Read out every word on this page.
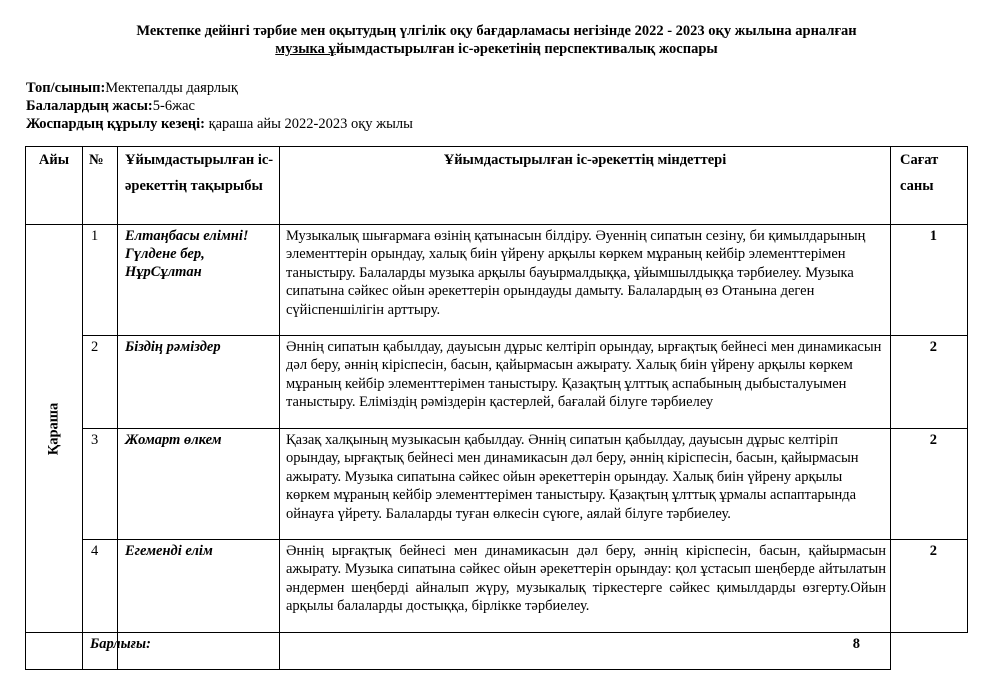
Мектепке дейінгі тәрбие мен оқытудың үлгілік оқу бағдарламасы негізінде 2022 - 2023 оқу жылына арналған
музыка ұйымдастырылған іс-әрекетінің перспективалық жоспары
Топ/сынып:Мектепалды даярлық
Балалардың жасы:5-6жас
Жоспардың құрылу кезеңі: қараша айы 2022-2023 оқу жылы
Айы	№	Ұйымдастырылған іс-әрекеттің тақырыбы	Ұйымдастырылған іс-әрекеттің міндеттері	Сағат саны

Қараша	1	Елтаңбасы елімні! Гүлдене бер, НұрСұлтан	Музыкалық шығармаға өзінің қатынасын білдіру. Әуеннің сипатын сезіну, би қимылдарының элементтерін орындау, халық биін үйрену арқылы көркем мұраның кейбір элементтерімен таныстыру. Балаларды музыка арқылы бауырмалдыққа, ұйымшылдыққа тәрбиелеу. Музыка сипатына сәйкес ойын әрекеттерін орындауды дамыту. Балалардың өз Отанына деген сүйіспеншілігін арттыру.	1
	2	Біздің рәміздер	Әннің сипатын қабылдау, дауысын дұрыс келтіріп орындау, ырғақтық бейнесі мен динамикасын дәл беру, әннің кіріспесін, басын, қайырмасын ажырату. Халық биін үйрену арқылы көркем мұраның кейбір элементтерімен таныстыру. Қазақтың ұлттық аспабының дыбысталуымен таныстыру. Еліміздің рәміздерін қастерлей, бағалай білуге тәрбиелеу	2
	3	Жомарт өлкем	Қазақ халқының музыкасын қабылдау. Әннің сипатын қабылдау, дауысын дұрыс келтіріп орындау, ырғақтық бейнесі мен динамикасын дәл беру, әннің кіріспесін, басын, қайырмасын ажырату. Музыка сипатына сәйкес ойын әрекеттерін орындау. Халық биін үйрену арқылы көркем мұраның кейбір элементтерімен таныстыру. Қазақтың ұлттық ұрмалы аспаптарында ойнауға үйрету. Балаларды туған өлкесін сүюге, аялай білуге тәрбиелеу.	2
	4	Егеменді елім	Әннің ырғақтық бейнесі мен динамикасын дәл беру, әннің кіріспесін, басын, қайырмасын ажырату. Музыка сипатына сәйкес ойын әрекеттерін орындау: қол ұстасып шеңберде айтылатын әндермен шеңберді айналып жүру, музыкалық тіркестерге сәйкес қимылдарды өзгерту.Ойын арқылы балаларды достыққа, бірлікке тәрбиелеу.	2
	Барлығы:		8	
